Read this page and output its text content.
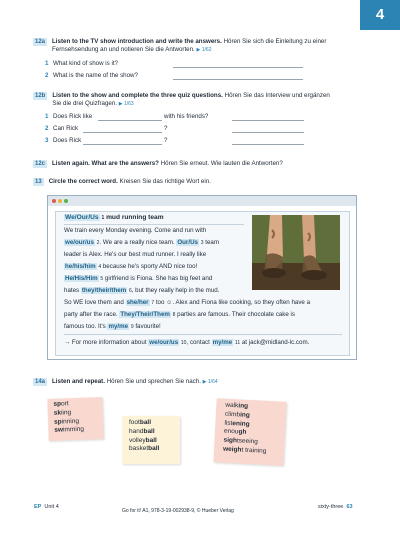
4
12a	Listen to the TV show introduction and write the answers. Hören Sie sich die Einleitung zu einer Fernsehsendung an und notieren Sie die Antworten. ▶ 1/62
1 What kind of show is it?
2 What is the name of the show?
12b	Listen to the show and complete the three quiz questions. Hören Sie das Interview und ergänzen Sie die drei Quizfragen. ▶ 1/63
1 Does Rick like	with his friends?
2 Can Rick	?
3 Does Rick	?
12c	Listen again. What are the answers? Hören Sie erneut. Wie lauten die Antworten?
13	Circle the correct word. Kreisen Sie das richtige Wort ein.
We/Our/Us 1 mud running team
We train every Monday evening. Come and run with
we/our/us 2. We are a really nice team. Our/Us 3 team
leader is Alex. He's our best mud runner. I really like
he/his/him 4 because he's sporty AND nice too!
He/His/Him 5 girlfriend is Fiona. She has big feet and
hates they/their/them 6, but they really help in the mud.
So WE love them and she/her 7 too ☺. Alex and Fiona like cooking, so they often have a
party after the race. They/Their/Them 8 parties are famous. Their chocolate cake is
famous too. It's my/me 9 favourite!
→ For more information about we/our/us 10, contact my/me 11 at jack@midland-lc.com.
14a	Listen and repeat. Hören Sie und sprechen Sie nach. ▶ 1/64
sport
skiing
spinning
swimming
football
handball
volleyball
basketball
walking
climbing
listening
enough
sightseeing
weight training
EP Unit 4
Go for it! A1, 978-3-19-002938-9, © Hueber Verlag
sixty-three 63
